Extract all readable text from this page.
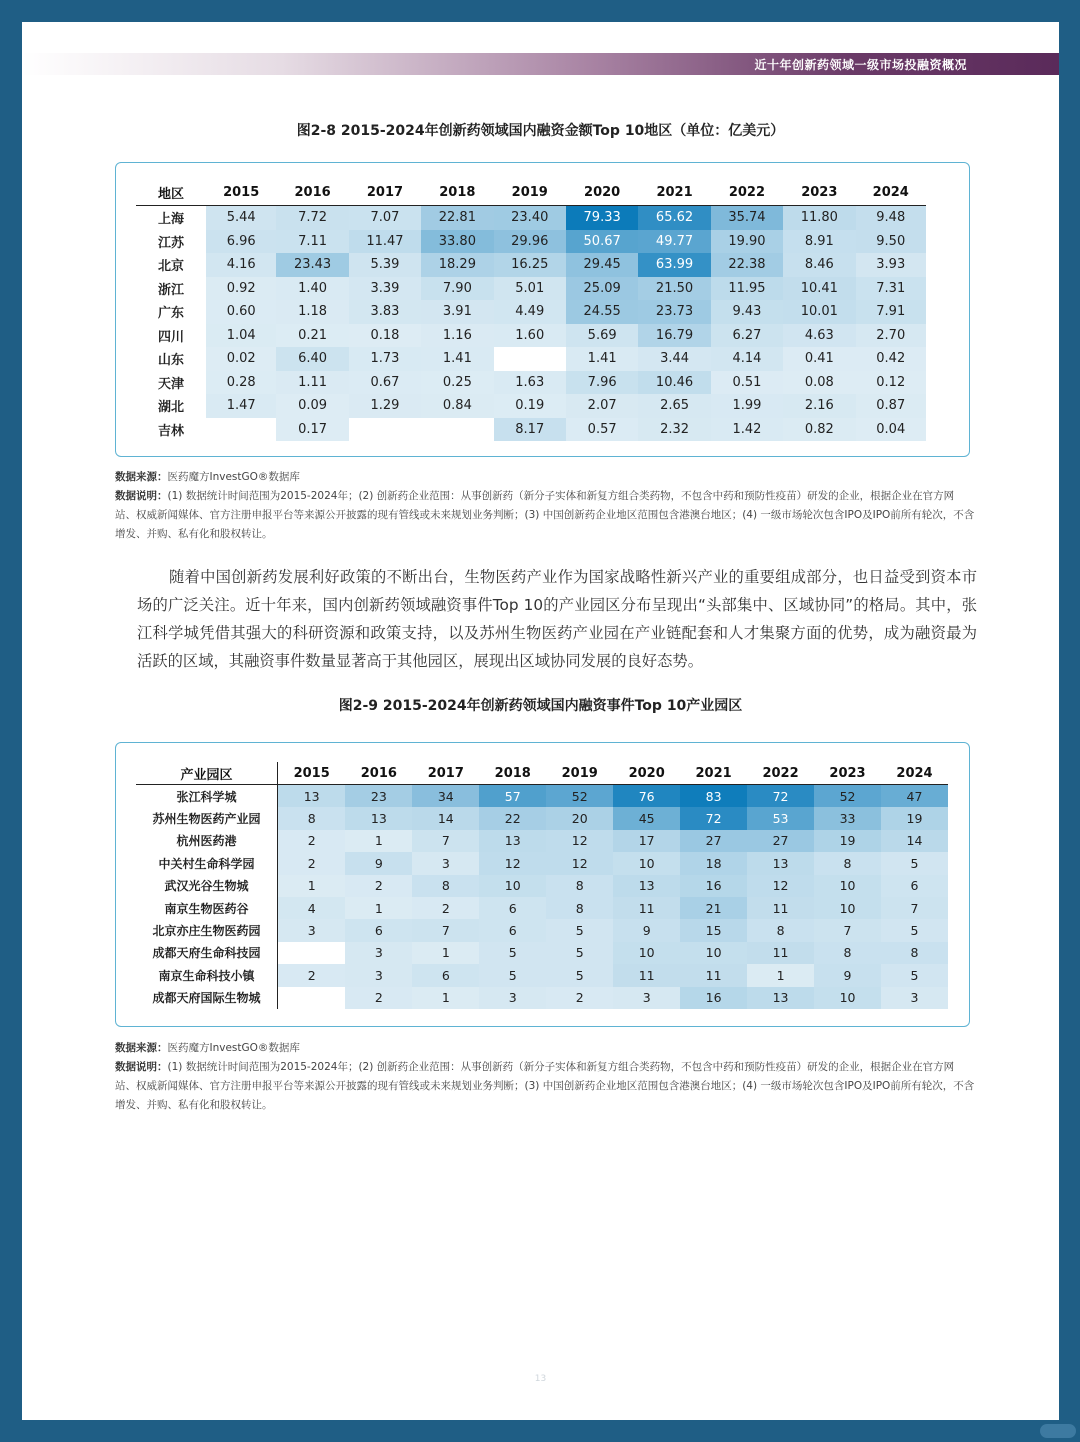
近十年创新药领域一级市场投融资概况
图2-8 2015-2024年创新药领域国内融资金额Top 10地区（单位：亿美元）
地区	2015	2016	2017	2018	2019	2020	2021	2022	2023	2024
上海	5.44	7.72	7.07	22.81	23.40	79.33	65.62	35.74	11.80	9.48
江苏	6.96	7.11	11.47	33.80	29.96	50.67	49.77	19.90	8.91	9.50
北京	4.16	23.43	5.39	18.29	16.25	29.45	63.99	22.38	8.46	3.93
浙江	0.92	1.40	3.39	7.90	5.01	25.09	21.50	11.95	10.41	7.31
广东	0.60	1.18	3.83	3.91	4.49	24.55	23.73	9.43	10.01	7.91
四川	1.04	0.21	0.18	1.16	1.60	5.69	16.79	6.27	4.63	2.70
山东	0.02	6.40	1.73	1.41		1.41	3.44	4.14	0.41	0.42
天津	0.28	1.11	0.67	0.25	1.63	7.96	10.46	0.51	0.08	0.12
湖北	1.47	0.09	1.29	0.84	0.19	2.07	2.65	1.99	2.16	0.87
吉林		0.17			8.17	0.57	2.32	1.42	0.82	0.04
数据来源：医药魔方InvestGO®数据库
数据说明：(1) 数据统计时间范围为2015-2024年；(2) 创新药企业范围：从事创新药（新分子实体和新复方组合类药物，不包含中药和预防性疫苗）研发的企业，根据企业在官方网站、权威新闻媒体、官方注册申报平台等来源公开披露的现有管线或未来规划业务判断；(3) 中国创新药企业地区范围包含港澳台地区；(4) 一级市场轮次包含IPO及IPO前所有轮次，不含增发、并购、私有化和股权转让。
随着中国创新药发展利好政策的不断出台，生物医药产业作为国家战略性新兴产业的重要组成部分，也日益受到资本市场的广泛关注。近十年来，国内创新药领域融资事件Top 10的产业园区分布呈现出“头部集中、区域协同”的格局。其中，张江科学城凭借其强大的科研资源和政策支持，以及苏州生物医药产业园在产业链配套和人才集聚方面的优势，成为融资最为活跃的区域，其融资事件数量显著高于其他园区，展现出区域协同发展的良好态势。
图2-9 2015-2024年创新药领域国内融资事件Top 10产业园区
产业园区	2015	2016	2017	2018	2019	2020	2021	2022	2023	2024
张江科学城	13	23	34	57	52	76	83	72	52	47
苏州生物医药产业园	8	13	14	22	20	45	72	53	33	19
杭州医药港	2	1	7	13	12	17	27	27	19	14
中关村生命科学园	2	9	3	12	12	10	18	13	8	5
武汉光谷生物城	1	2	8	10	8	13	16	12	10	6
南京生物医药谷	4	1	2	6	8	11	21	11	10	7
北京亦庄生物医药园	3	6	7	6	5	9	15	8	7	5
成都天府生命科技园		3	1	5	5	10	10	11	8	8
南京生命科技小镇	2	3	6	5	5	11	11	1	9	5
成都天府国际生物城		2	1	3	2	3	16	13	10	3
数据来源：医药魔方InvestGO®数据库
数据说明：(1) 数据统计时间范围为2015-2024年；(2) 创新药企业范围：从事创新药（新分子实体和新复方组合类药物，不包含中药和预防性疫苗）研发的企业，根据企业在官方网站、权威新闻媒体、官方注册申报平台等来源公开披露的现有管线或未来规划业务判断；(3) 中国创新药企业地区范围包含港澳台地区；(4) 一级市场轮次包含IPO及IPO前所有轮次，不含增发、并购、私有化和股权转让。
13
